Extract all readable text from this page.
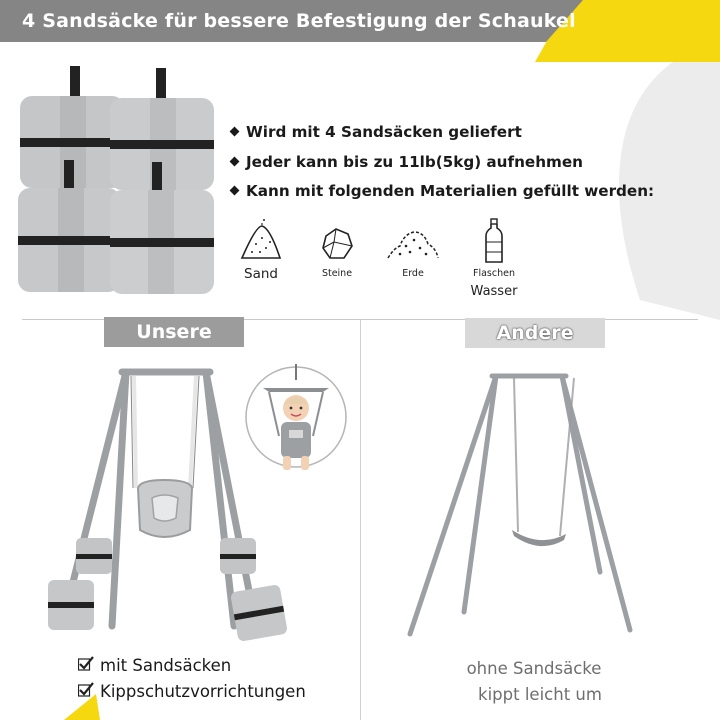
4 Sandsäcke für bessere Befestigung der Schaukel
Wird mit 4 Sandsäcken geliefert
Jeder kann bis zu 11lb(5kg) aufnehmen
Kann mit folgenden Materialien gefüllt werden:
Sand	Steine	Erde	Flaschen
Wasser
Unsere	Andere
mit Sandsäcken
Kippschutzvorrichtungen
ohne Sandsäcke
kippt leicht um
